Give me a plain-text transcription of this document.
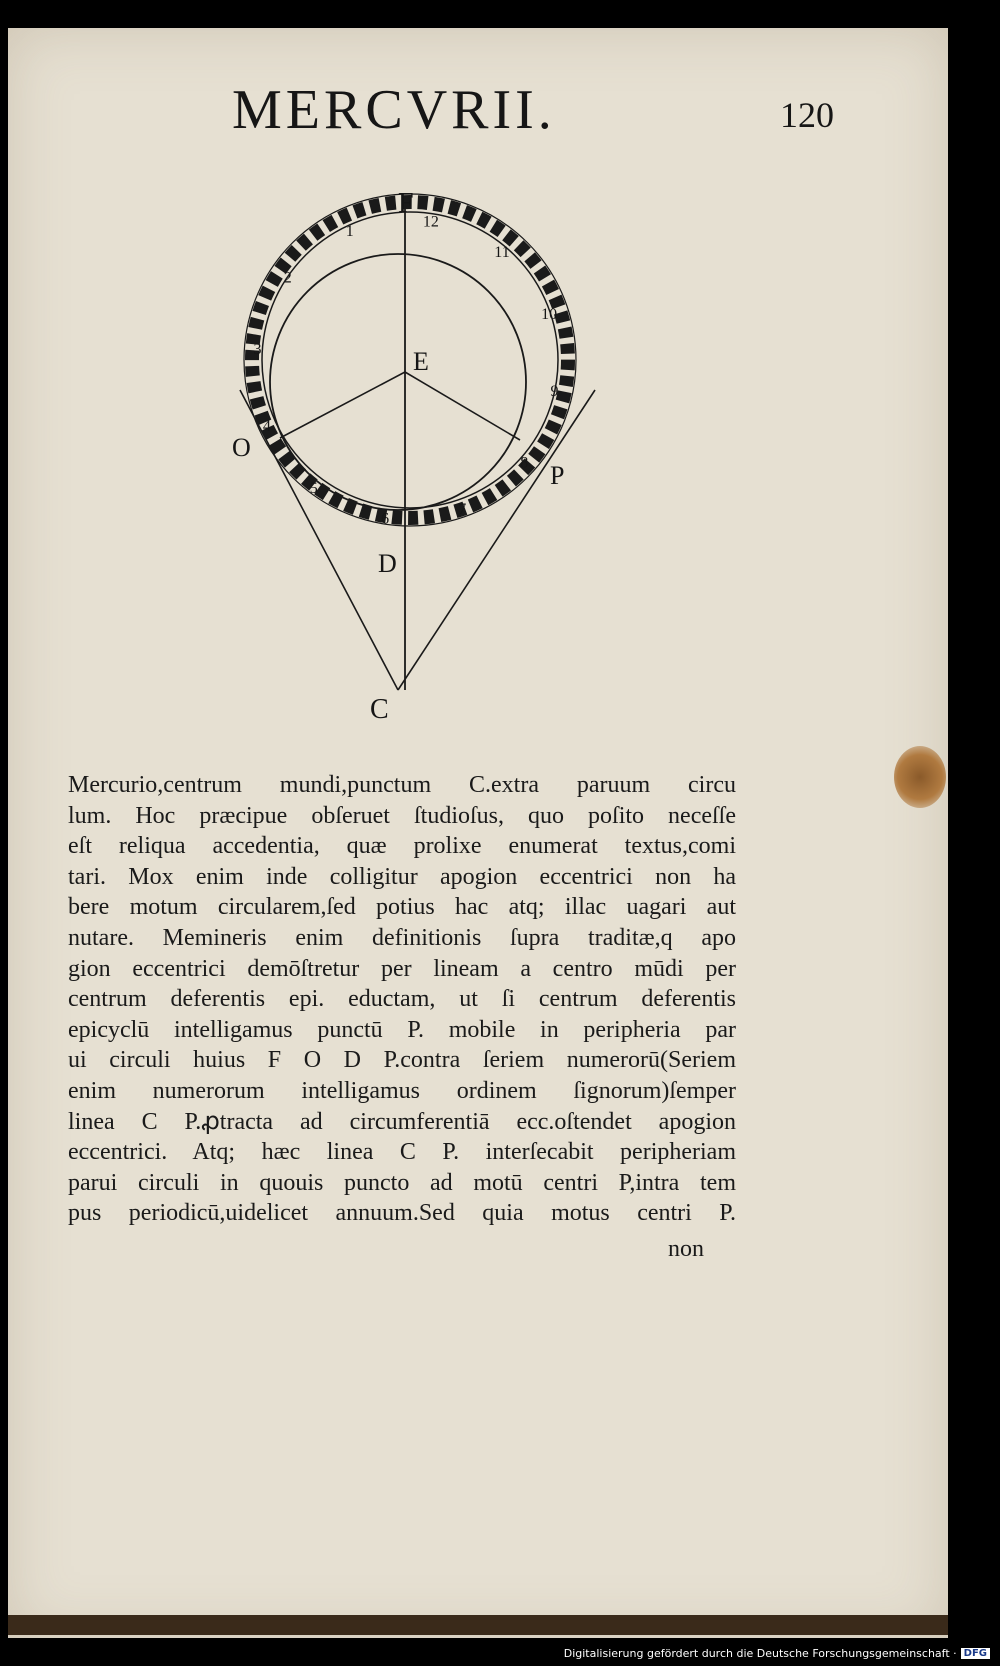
MERCVRII.	120
F
E
O
P
D
C
12
11
10
9
8
7
6
5
4
3
2
1
Mercurio,centrum mundi,punctum C.extra paruum circu
lum. Hoc præcipue obſeruet ſtudioſus, quo poſito neceſſe
eſt reliqua accedentia, quæ prolixe enumerat textus,comi
tari. Mox enim inde colligitur apogion eccentrici non ha
bere motum circularem,ſed potius hac atq; illac uagari aut
nutare. Memineris enim definitionis ſupra traditæ,q apo
gion eccentrici demōſtretur per lineam a centro mūdi per
centrum deferentis epi. eductam, ut ſi centrum deferentis
epicyclū intelligamus punctū P. mobile in peripheria par
ui circuli huius F O D P.contra ſeriem numerorū(Seriem
enim numerorum intelligamus ordinem ſignorum)ſemper
linea C P.ꝓtracta ad circumferentiā ecc.oſtendet apogion
eccentrici. Atq; hæc linea C P. interſecabit peripheriam
parui circuli in quouis puncto ad motū centri P,intra tem
pus periodicū,uidelicet annuum.Sed quia motus centri P.
non
Digitalisierung gefördert durch die Deutsche Forschungsgemeinschaft · DFG
